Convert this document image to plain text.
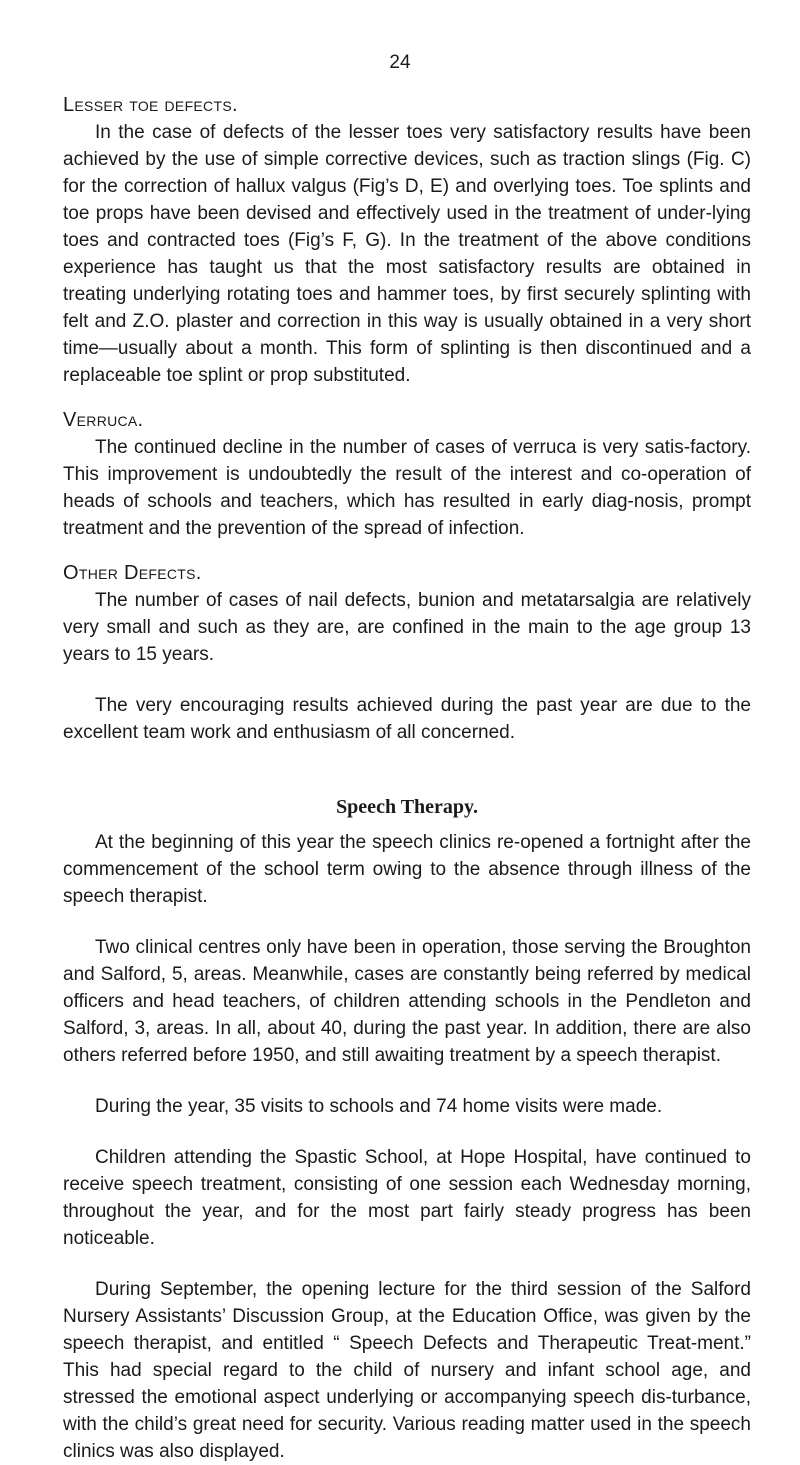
24

Lesser toe defects.

In the case of defects of the lesser toes very satisfactory results have been achieved by the use of simple corrective devices, such as traction slings (Fig. C) for the correction of hallux valgus (Fig’s D, E) and overlying toes. Toe splints and toe props have been devised and effectively used in the treatment of under-lying toes and contracted toes (Fig’s F, G). In the treatment of the above conditions experience has taught us that the most satisfactory results are obtained in treating underlying rotating toes and hammer toes, by first securely splinting with felt and Z.O. plaster and correction in this way is usually obtained in a very short time—usually about a month. This form of splinting is then discontinued and a replaceable toe splint or prop substituted.

Verruca.

The continued decline in the number of cases of verruca is very satis-factory. This improvement is undoubtedly the result of the interest and co-operation of heads of schools and teachers, which has resulted in early diag-nosis, prompt treatment and the prevention of the spread of infection.

Other Defects.

The number of cases of nail defects, bunion and metatarsalgia are relatively very small and such as they are, are confined in the main to the age group 13 years to 15 years.

The very encouraging results achieved during the past year are due to the excellent team work and enthusiasm of all concerned.

Speech Therapy.

At the beginning of this year the speech clinics re-opened a fortnight after the commencement of the school term owing to the absence through illness of the speech therapist.

Two clinical centres only have been in operation, those serving the Broughton and Salford, 5, areas. Meanwhile, cases are constantly being referred by medical officers and head teachers, of children attending schools in the Pendleton and Salford, 3, areas. In all, about 40, during the past year. In addition, there are also others referred before 1950, and still awaiting treatment by a speech therapist.

During the year, 35 visits to schools and 74 home visits were made.

Children attending the Spastic School, at Hope Hospital, have continued to receive speech treatment, consisting of one session each Wednesday morning, throughout the year, and for the most part fairly steady progress has been noticeable.

During September, the opening lecture for the third session of the Salford Nursery Assistants’ Discussion Group, at the Education Office, was given by the speech therapist, and entitled “ Speech Defects and Therapeutic Treat-ment.” This had special regard to the child of nursery and infant school age, and stressed the emotional aspect underlying or accompanying speech dis-turbance, with the child’s great need for security. Various reading matter used in the speech clinics was also displayed.
